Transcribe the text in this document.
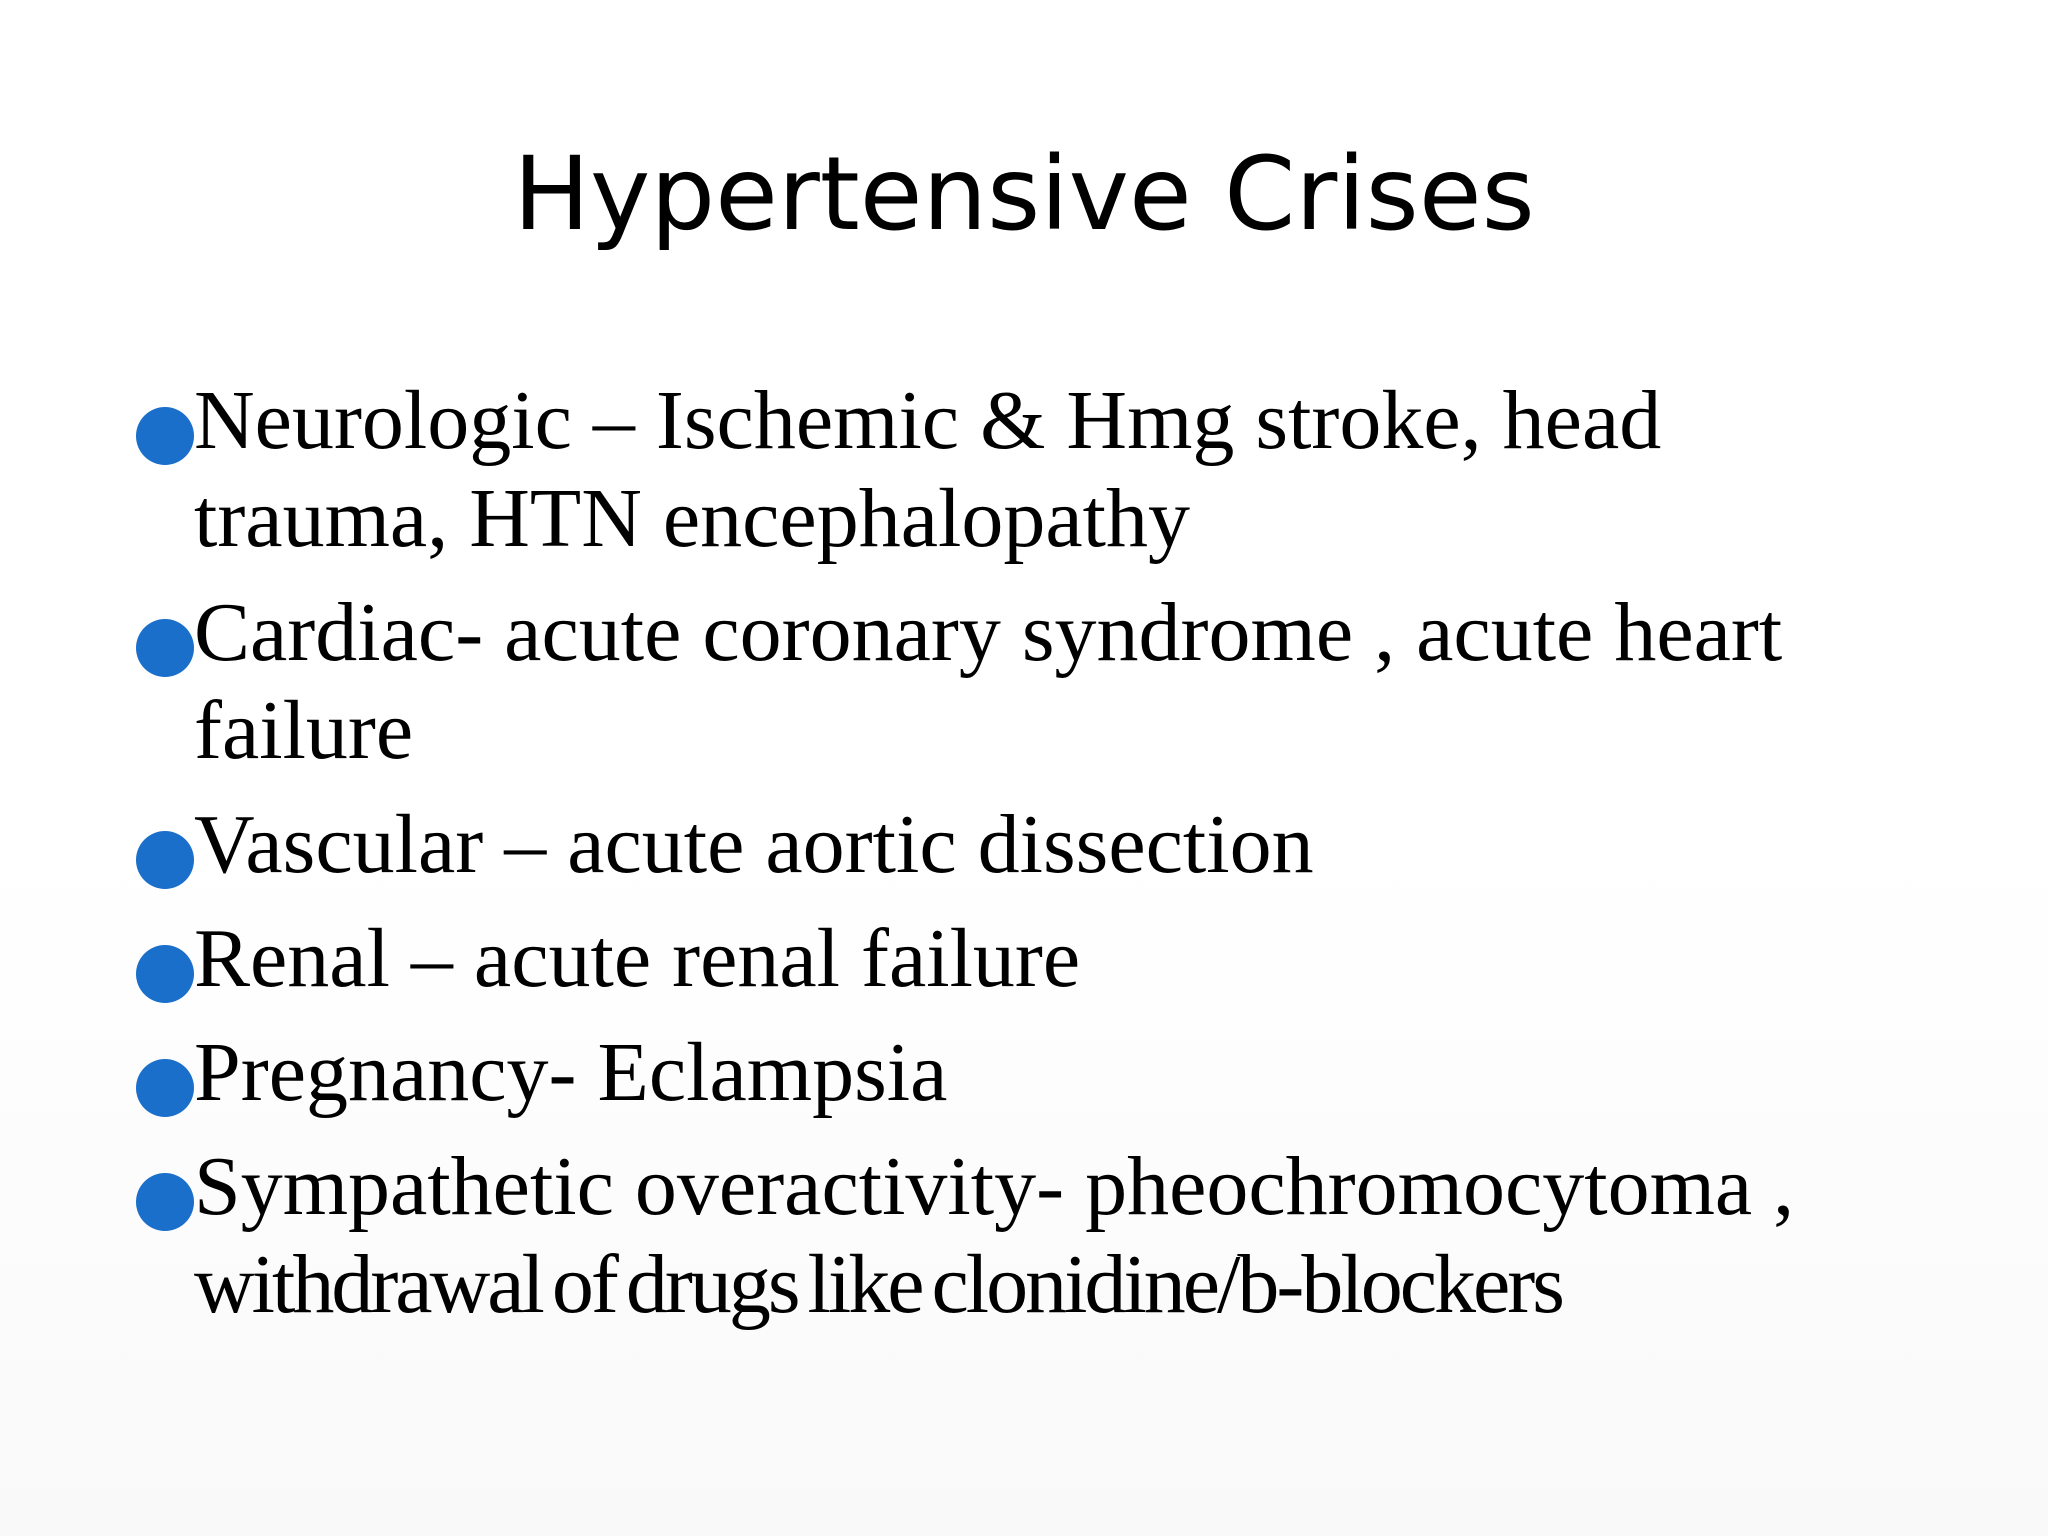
Hypertensive Crises
Neurologic – Ischemic & Hmg stroke, head
trauma, HTN encephalopathy
Cardiac- acute coronary syndrome , acute heart
failure
Vascular – acute aortic dissection
Renal – acute renal failure
Pregnancy- Eclampsia
Sympathetic overactivity- pheochromocytoma ,
withdrawal of drugs like clonidine/b-blockers
